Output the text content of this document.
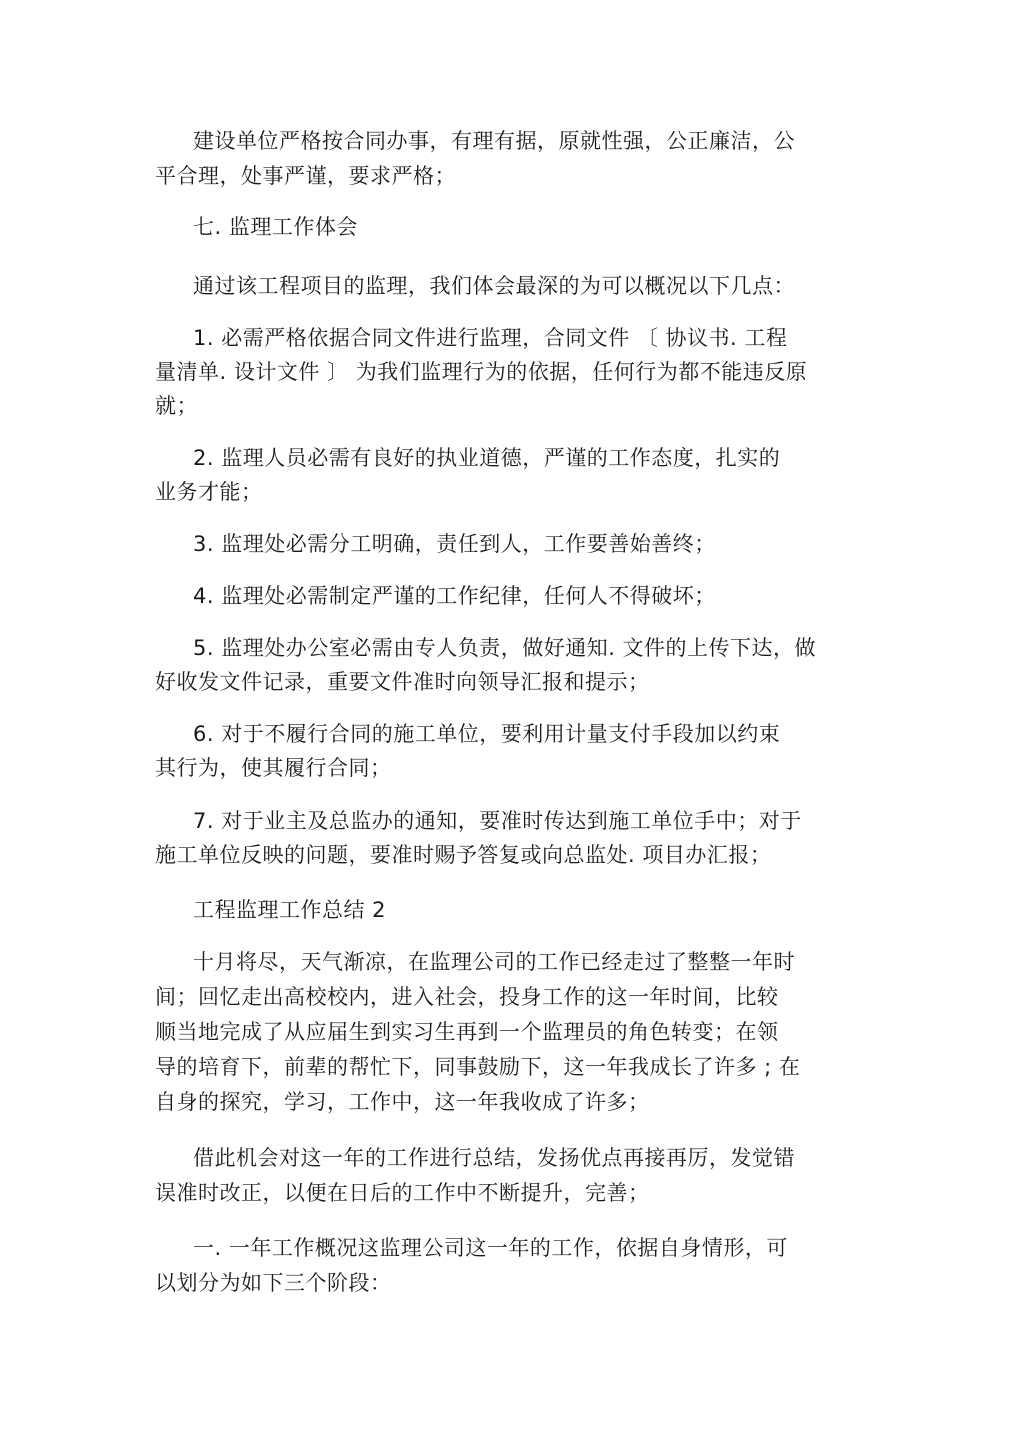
建设单位严格按合同办事，有理有据，原就性强，公正廉洁，公
平合理，处事严谨，要求严格；
七. 监理工作体会
通过该工程项目的监理，我们体会最深的为可以概况以下几点：
1. 必需严格依据合同文件进行监理，合同文件 〔 协议书. 工程
量清单. 设计文件 〕 为我们监理行为的依据，任何行为都不能违反原
就；
2. 监理人员必需有良好的执业道德，严谨的工作态度，扎实的
业务才能；
3. 监理处必需分工明确，责任到人，工作要善始善终；
4. 监理处必需制定严谨的工作纪律，任何人不得破坏；
5. 监理处办公室必需由专人负责，做好通知. 文件的上传下达，做
好收发文件记录，重要文件准时向领导汇报和提示；
6. 对于不履行合同的施工单位，要利用计量支付手段加以约束
其行为，使其履行合同；
7. 对于业主及总监办的通知，要准时传达到施工单位手中；对于
施工单位反映的问题，要准时赐予答复或向总监处. 项目办汇报；
工程监理工作总结 2
十月将尽，天气渐凉，在监理公司的工作已经走过了整整一年时
间；回忆走出高校校内，进入社会，投身工作的这一年时间，比较
顺当地完成了从应届生到实习生再到一个监理员的角色转变；在领
导的培育下，前辈的帮忙下，同事鼓励下，这一年我成长了许多 ; 在
自身的探究，学习，工作中，这一年我收成了许多；
借此机会对这一年的工作进行总结，发扬优点再接再厉，发觉错
误准时改正，以便在日后的工作中不断提升，完善；
一. 一年工作概况这监理公司这一年的工作，依据自身情形，可
以划分为如下三个阶段：
